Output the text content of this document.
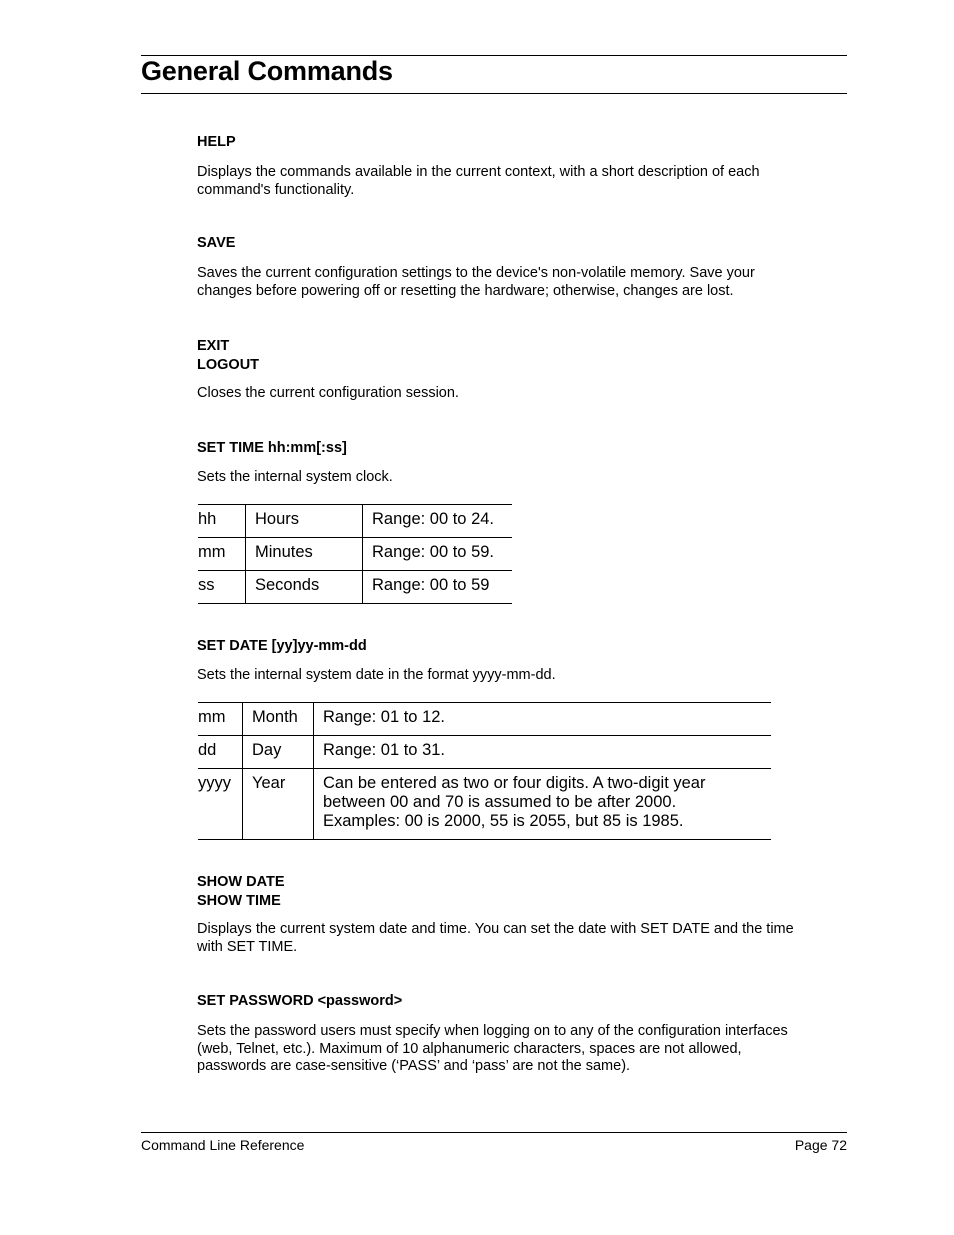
General Commands
HELP
Displays the commands available in the current context, with a short description of each
command's functionality.
SAVE
Saves the current configuration settings to the device's non-volatile memory. Save your
changes before powering off or resetting the hardware; otherwise, changes are lost.
EXIT
LOGOUT
Closes the current configuration session.
SET TIME hh:mm[:ss]
Sets the internal system clock.
hh	Hours	Range: 00 to 24.
mm	Minutes	Range: 00 to 59.
ss	Seconds	Range: 00 to 59
SET DATE [yy]yy-mm-dd
Sets the internal system date in the format yyyy-mm-dd.
mm	Month	Range: 01 to 12.
dd	Day	Range: 01 to 31.
yyyy	Year	Can be entered as two or four digits. A two-digit year
between 00 and 70 is assumed to be after 2000.
Examples: 00 is 2000, 55 is 2055, but 85 is 1985.
SHOW DATE
SHOW TIME
Displays the current system date and time. You can set the date with SET DATE and the time
with SET TIME.
SET PASSWORD <password>
Sets the password users must specify when logging on to any of the configuration interfaces
(web, Telnet, etc.). Maximum of 10 alphanumeric characters, spaces are not allowed,
passwords are case-sensitive (‘PASS’ and ‘pass’ are not the same).
Command Line Reference	Page 72
